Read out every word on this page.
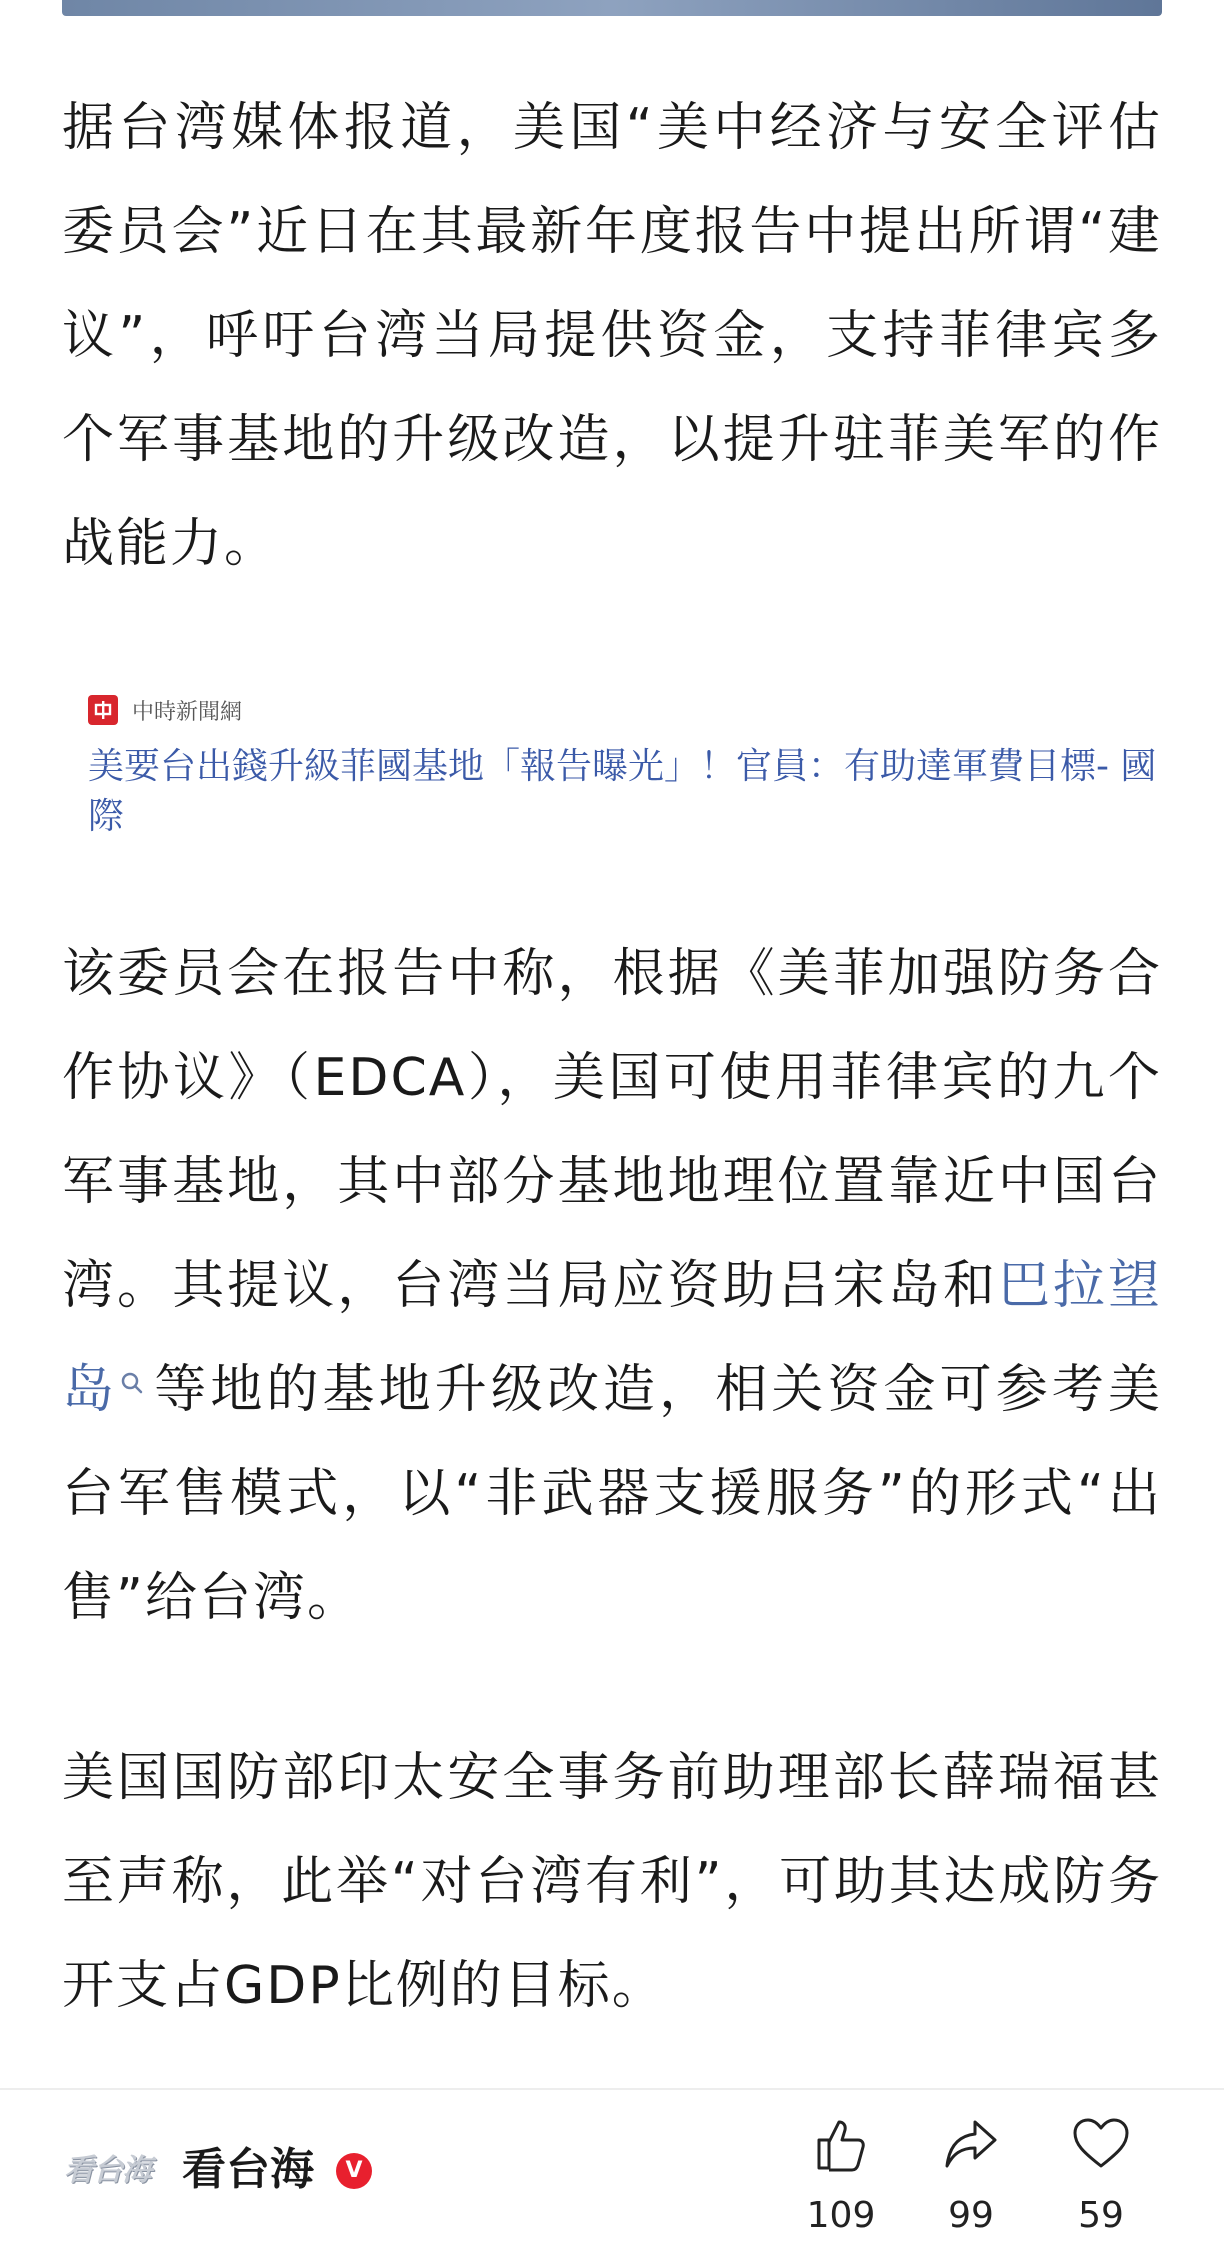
据台湾媒体报道，美国“美中经济与安全评估委员会”近日在其最新年度报告中提出所谓“建议”，呼吁台湾当局提供资金，支持菲律宾多个军事基地的升级改造，以提升驻菲美军的作战能力。

中時新聞網
美要台出錢升級菲國基地「報告曝光」！官員：有助達軍費目標- 國際

该委员会在报告中称，根据《美菲加强防务合作协议》（EDCA），美国可使用菲律宾的九个军事基地，其中部分基地地理位置靠近中国台湾。其提议，台湾当局应资助吕宋岛和巴拉望岛 等地的基地升级改造，相关资金可参考美台军售模式，以“非武器支援服务”的形式“出售”给台湾。

美国国防部印太安全事务前助理部长薛瑞福甚至声称，此举“对台湾有利”，可助其达成防务开支占GDP比例的目标。

看台海 看台海	V
109	99	59
